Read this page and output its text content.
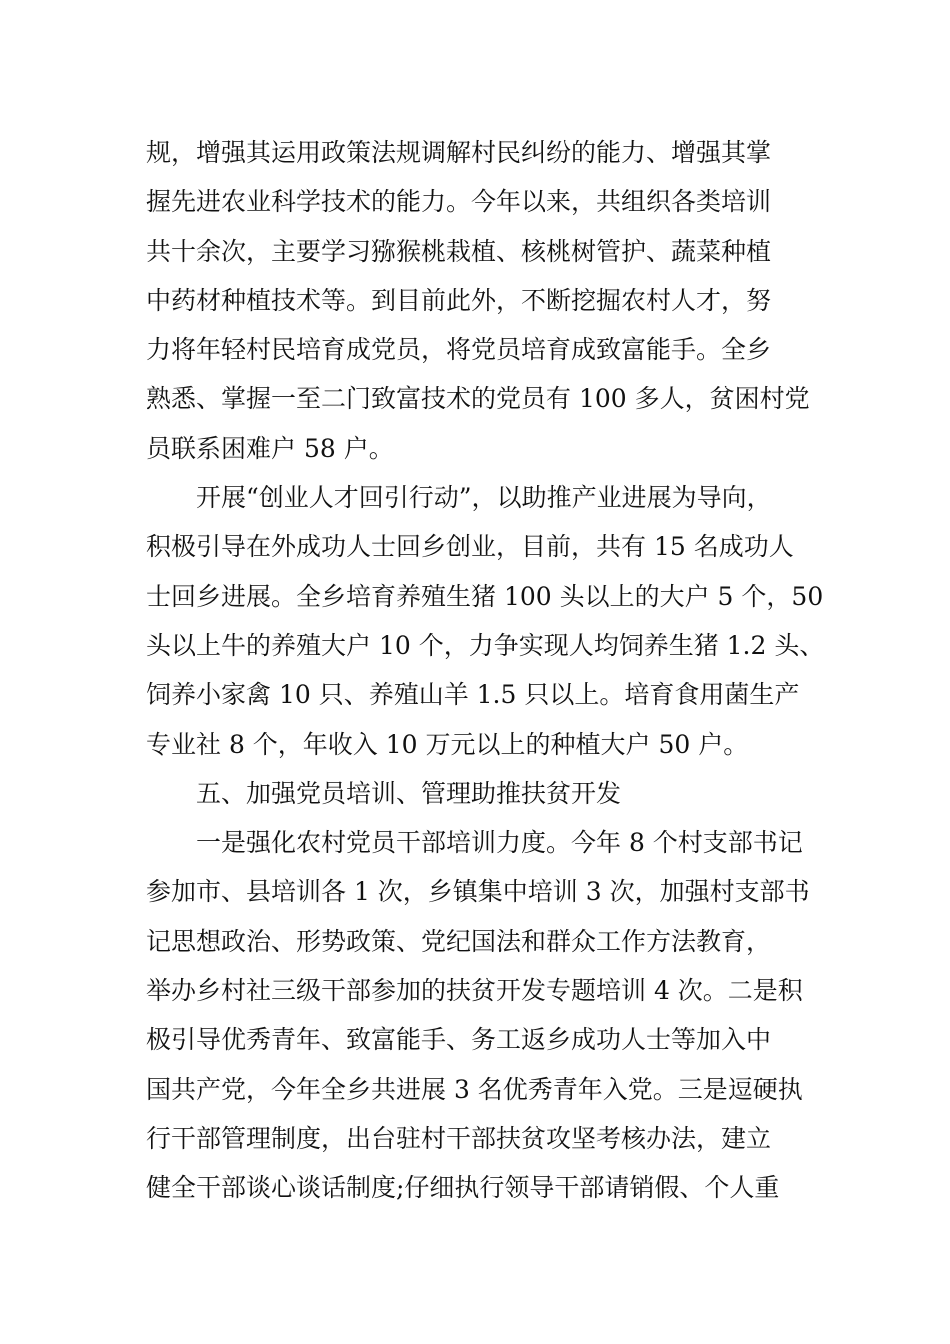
规，增强其运用政策法规调解村民纠纷的能力、增强其掌
握先进农业科学技术的能力。今年以来，共组织各类培训
共十余次，主要学习猕猴桃栽植、核桃树管护、蔬菜种植
中药材种植技术等。到目前此外，不断挖掘农村人才，努
力将年轻村民培育成党员，将党员培育成致富能手。全乡
熟悉、掌握一至二门致富技术的党员有 100 多人，贫困村党
员联系困难户 58 户。
开展“创业人才回引行动”，以助推产业进展为导向，
积极引导在外成功人士回乡创业，目前，共有 15 名成功人
士回乡进展。全乡培育养殖生猪 100 头以上的大户 5 个，50
头以上牛的养殖大户 10 个，力争实现人均饲养生猪 1.2 头、
饲养小家禽 10 只、养殖山羊 1.5 只以上。培育食用菌生产
专业社 8 个，年收入 10 万元以上的种植大户 50 户。
五、加强党员培训、管理助推扶贫开发
一是强化农村党员干部培训力度。今年 8 个村支部书记
参加市、县培训各 1 次，乡镇集中培训 3 次，加强村支部书
记思想政治、形势政策、党纪国法和群众工作方法教育，
举办乡村社三级干部参加的扶贫开发专题培训 4 次。二是积
极引导优秀青年、致富能手、务工返乡成功人士等加入中
国共产党，今年全乡共进展 3 名优秀青年入党。三是逗硬执
行干部管理制度，出台驻村干部扶贫攻坚考核办法，建立
健全干部谈心谈话制度;仔细执行领导干部请销假、个人重
